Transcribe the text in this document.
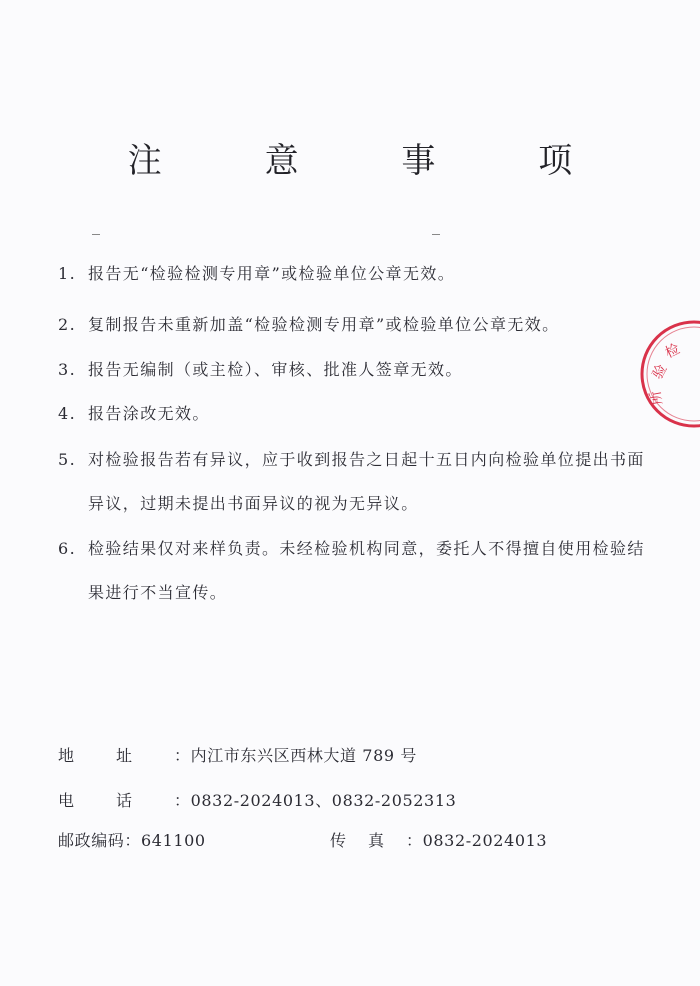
注 意 事 项
1. 报告无“检验检测专用章”或检验单位公章无效。
2. 复制报告未重新加盖“检验检测专用章”或检验单位公章无效。
3. 报告无编制（或主检）、审核、批准人签章无效。
4. 报告涂改无效。
5. 对检验报告若有异议，应于收到报告之日起十五日内向检验单位提出书面异议，过期未提出书面异议的视为无异议。
6. 检验结果仅对来样负责。未经检验机构同意，委托人不得擅自使用检验结果进行不当宣传。
地址：内江市东兴区西林大道 789 号
电话：0832-2024013、0832-2052313
邮政编码：641100	传真：0832-2024013
检
验
所
